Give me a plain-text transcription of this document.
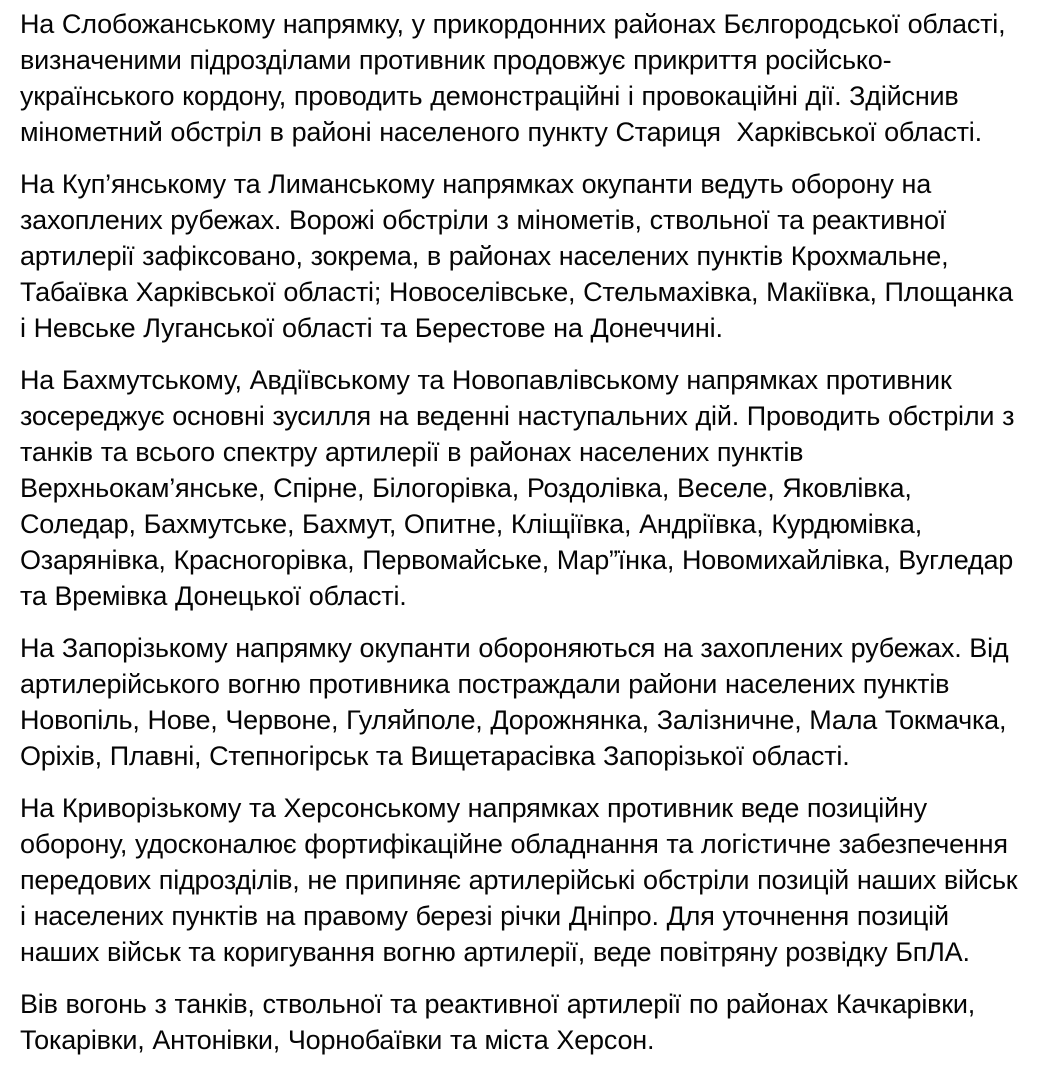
На Слобожанському напрямку, у прикордонних районах Бєлгородської області, визначеними підрозділами противник продовжує прикриття російсько-українського кордону, проводить демонстраційні і провокаційні дії. Здійснив мінометний обстріл в районі населеного пункту Стариця  Харківської області.

На Куп’янському та Лиманському напрямках окупанти ведуть оборону на захоплених рубежах. Ворожі обстріли з мінометів, ствольної та реактивної артилерії зафіксовано, зокрема, в районах населених пунктів Крохмальне, Табаївка Харківської області; Новоселівське, Стельмахівка, Макіївка, Площанка і Невське Луганської області та Берестове на Донеччині.

На Бахмутському, Авдіївському та Новопавлівському напрямках противник зосереджує основні зусилля на веденні наступальних дій. Проводить обстріли з танків та всього спектру артилерії в районах населених пунктів Верхньокам’янське, Спірне, Білогорівка, Роздолівка, Веселе, Яковлівка, Соледар, Бахмутське, Бахмут, Опитне, Кліщіївка, Андріївка, Курдюмівка, Озарянівка, Красногорівка, Первомайське, Мар”їнка, Новомихайлівка, Вугледар та Времівка Донецької області.

На Запорізькому напрямку окупанти обороняються на захоплених рубежах. Від артилерійського вогню противника постраждали райони населених пунктів Новопіль, Нове, Червоне, Гуляйполе, Дорожнянка, Залізничне, Мала Токмачка, Оріхів, Плавні, Степногірськ та Вищетарасівка Запорізької області.

На Криворізькому та Херсонському напрямках противник веде позиційну оборону, удосконалює фортифікаційне обладнання та логістичне забезпечення передових підрозділів, не припиняє артилерійські обстріли позицій наших військ і населених пунктів на правому березі річки Дніпро. Для уточнення позицій наших військ та коригування вогню артилерії, веде повітряну розвідку БпЛА.

Вів вогонь з танків, ствольної та реактивної артилерії по районах Качкарівки, Токарівки, Антонівки, Чорнобаївки та міста Херсон.
